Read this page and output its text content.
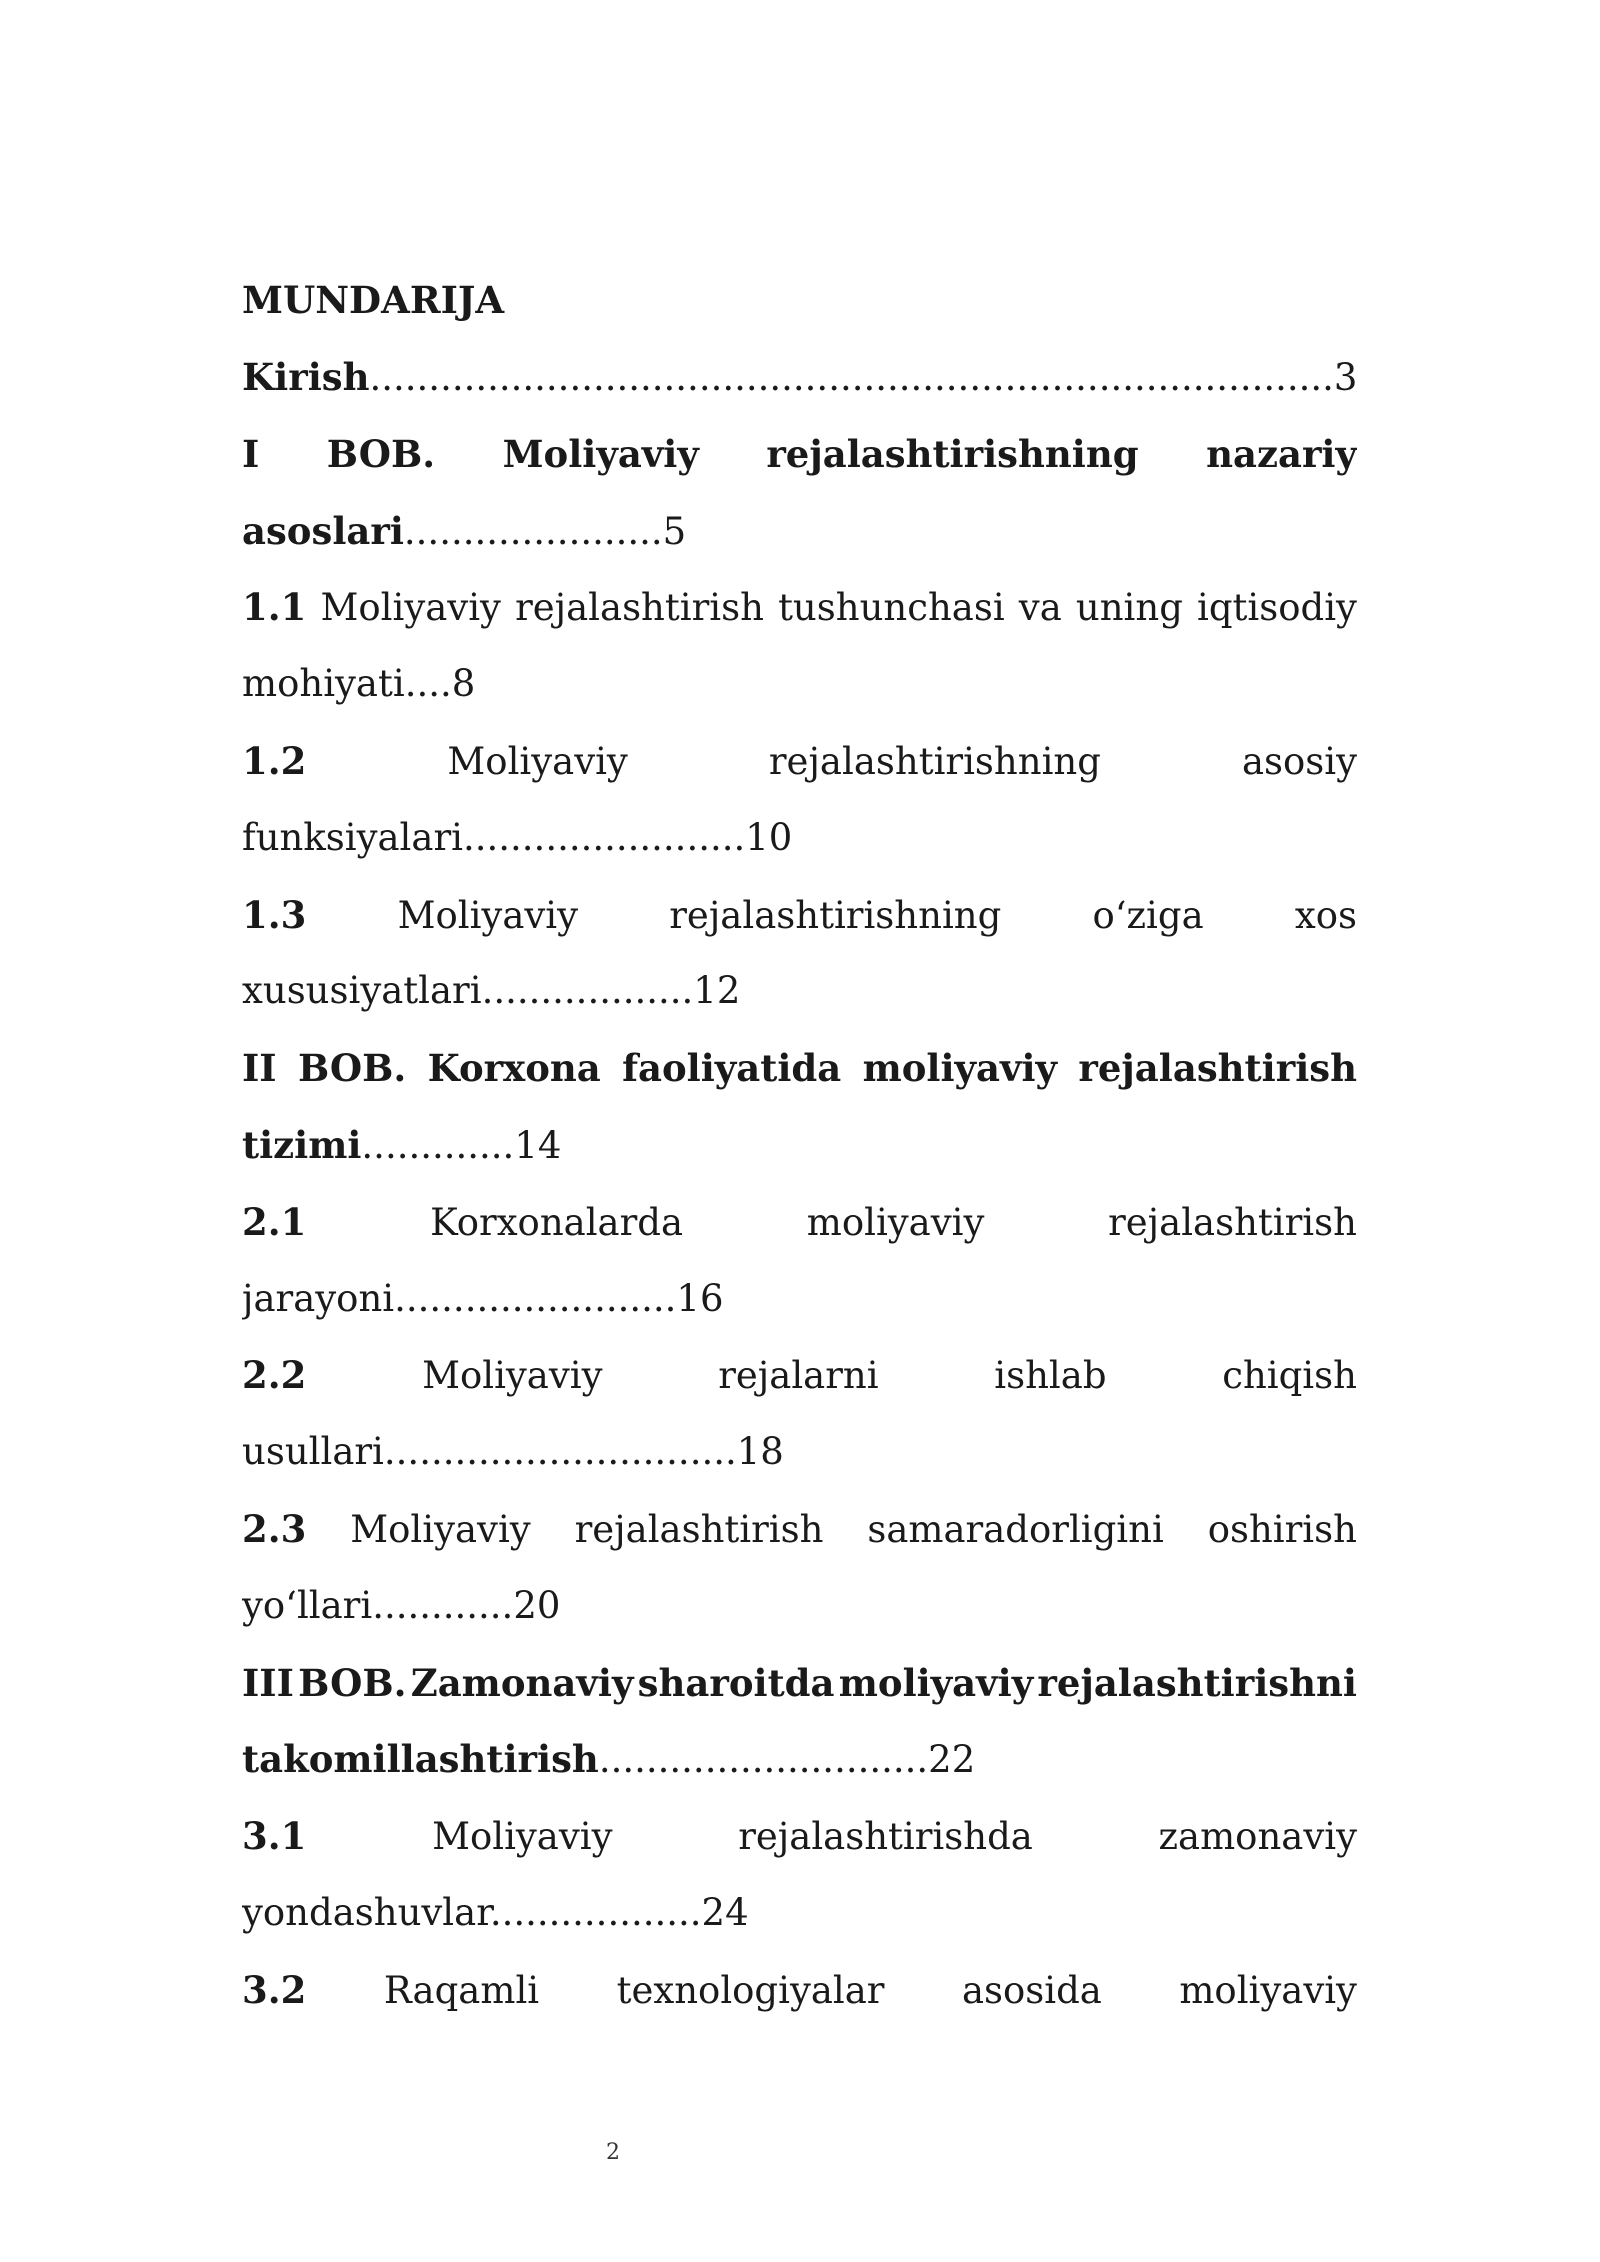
MUNDARIJA
Kirish..................................................................................3
I BOB. Moliyaviy rejalashtirishning nazariy
asoslari......................5
1.1 Moliyaviy rejalashtirish tushunchasi va uning iqtisodiy
mohiyati....8
1.2	Moliyaviy	rejalashtirishning	asosiy
funksiyalari........................10
1.3 Moliyaviy rejalashtirishning o‘ziga xos
xususiyatlari..................12
II BOB. Korxona faoliyatida moliyaviy rejalashtirish
tizimi.............14
2.1	Korxonalarda	moliyaviy	rejalashtirish
jarayoni........................16
2.2	Moliyaviy	rejalarni	ishlab	chiqish
usullari..............................18
2.3 Moliyaviy rejalashtirish samaradorligini oshirish
yo‘llari............20
III BOB. Zamonaviy sharoitda moliyaviy rejalashtirishni
takomillashtirish............................22
3.1	Moliyaviy	rejalashtirishda	zamonaviy
yondashuvlar..................24
3.2 Raqamli texnologiyalar asosida moliyaviy
2
